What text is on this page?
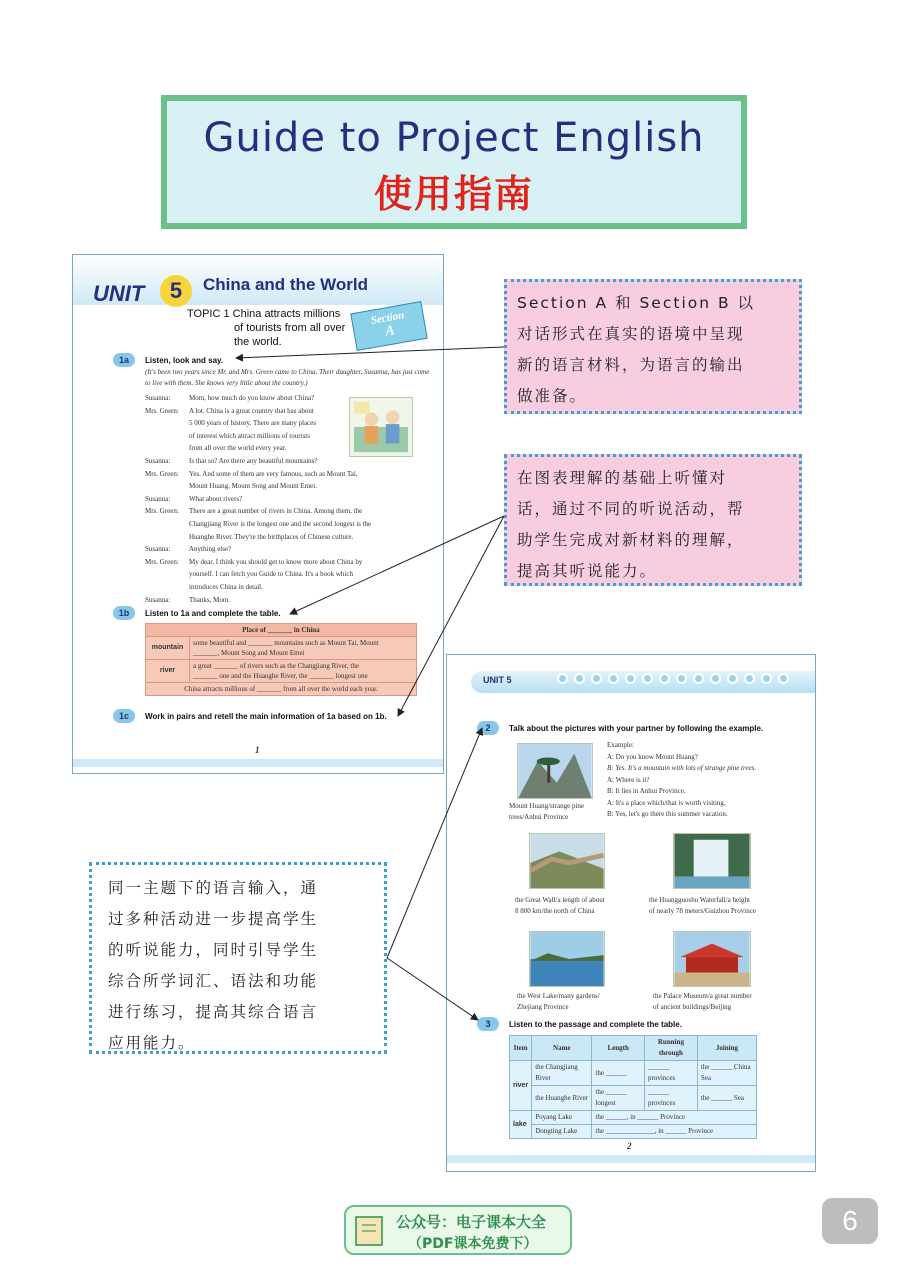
Guide to Project English
使用指南
UNIT	5	China and the World
TOPIC 1 China attracts millions
of tourists from all over
the world.
Section
A
1a	Listen, look and say.
(It's been two years since Mr. and Mrs. Green came to China. Their daughter, Susanna, has just come to live with them. She knows very little about the country.)
Susanna:	Mom, how much do you know about China?
Mrs. Green:	A lot. China is a great country that has about
5 000 years of history. There are many places
of interest which attract millions of tourists
from all over the world every year.
Susanna:	Is that so? Are there any beautiful mountains?
Mrs. Green:	Yes. And some of them are very famous, such as Mount Tai,
Mount Huang, Mount Song and Mount Emei.
Susanna:	What about rivers?
Mrs. Green:	There are a great number of rivers in China. Among them, the
Changjiang River is the longest one and the second longest is the
Huanghe River. They're the birthplaces of Chinese culture.
Susanna:	Anything else?
Mrs. Green:	My dear, I think you should get to know more about China by
yourself. I can fetch you Guide to China. It's a book which
introduces China in detail.
Susanna:	Thanks, Mom.
1b	Listen to 1a and complete the table.
Place of _______ in China	
mountain	some beautiful and _______ mountains such as Mount Tai, Mount
_______, Mount Song and Mount Emei

river	a great _______ of rivers such as the Changjiang River, the
_______ one and the Huanghe River, the _______ longest one

China attracts millions of _______ from all over the world each year.	
1c	Work in pairs and retell the main information of 1a based on 1b.
1
UNIT 5
2	Talk about the pictures with your partner by following the example.
Mount Huang/strange pine
trees/Anhui Province
Example:
A: Do you know Mount Huang?
B: Yes. It's a mountain with lots of strange pine trees.
A: Where is it?
B: It lies in Anhui Province.
A: It's a place which/that is worth visiting.
B: Yes, let's go there this summer vacation.
the Great Wall/a length of about
8 800 km/the north of China
the Huangguoshu Waterfall/a height
of nearly 78 meters/Guizhou Province
the West Lake/many gardens/
Zhejiang Province
the Palace Museum/a great number
of ancient buildings/Beijing
3	Listen to the passage and complete the table.
Item	Name	Length	Running through	Joining
river	the Changjiang River	the ______	______ provinces	the ______ China Sea
	the Huanghe River	the ______ longest	______ provinces	the ______ Sea
lake	Poyang Lake	the ______, in ______ Province		
	Dongting Lake	the ______________, in ______ Province		
2
Section A 和 Section B 以
对话形式在真实的语境中呈现
新的语言材料，为语言的输出
做准备。
在图表理解的基础上听懂对
话，通过不同的听说活动，帮
助学生完成对新材料的理解，
提高其听说能力。
同一主题下的语言输入，通
过多种活动进一步提高学生
的听说能力，同时引导学生
综合所学词汇、语法和功能
进行练习，提高其综合语言
应用能力。
公众号：电子课本大全
（PDF课本免费下）
6
